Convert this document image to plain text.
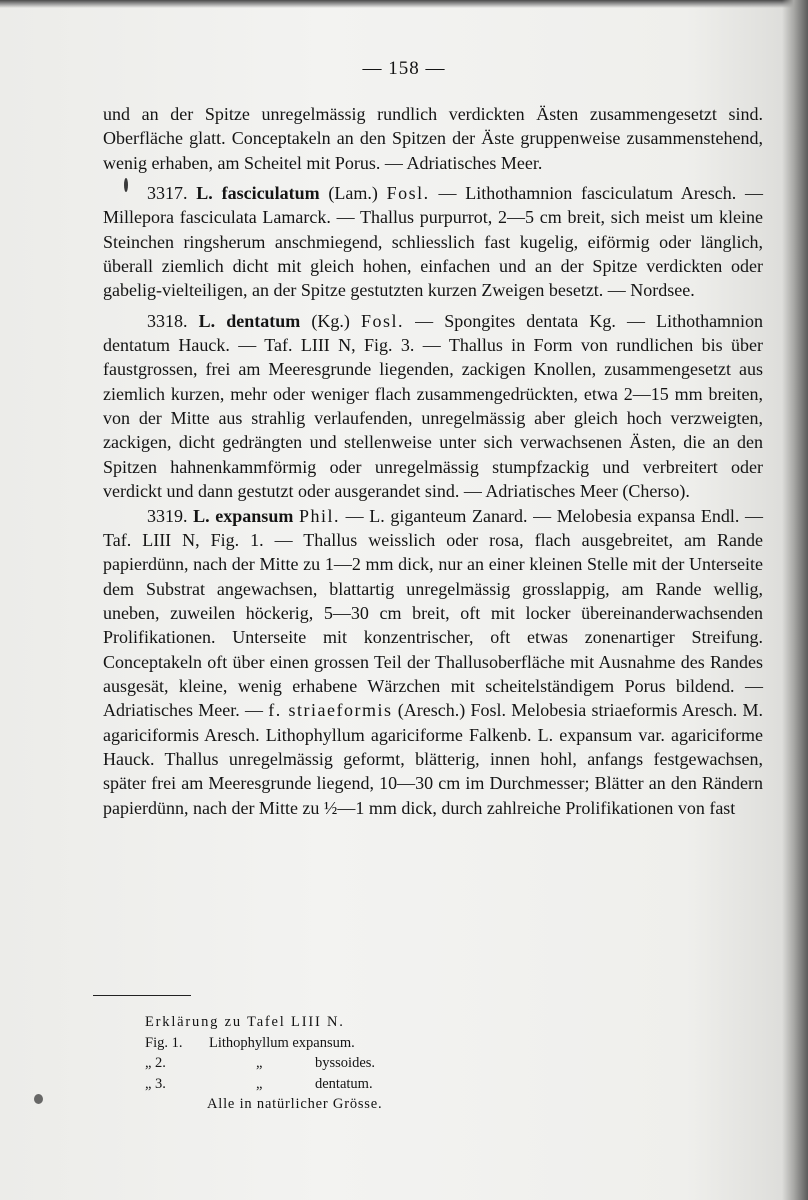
— 158 —

und an der Spitze unregelmässig rundlich verdickten Ästen zusammengesetzt sind. Oberfläche glatt. Conceptakeln an den Spitzen der Äste gruppenweise zusammenstehend, wenig erhaben, am Scheitel mit Porus. — Adriatisches Meer.

3317. L. fasciculatum (Lam.) Fosl. — Lithothamnion fasciculatum Aresch. — Millepora fasciculata Lamarck. — Thallus purpurrot, 2—5 cm breit, sich meist um kleine Steinchen ringsherum anschmiegend, schliesslich fast kugelig, eiförmig oder länglich, überall ziemlich dicht mit gleich hohen, einfachen und an der Spitze verdickten oder gabelig-vielteiligen, an der Spitze gestutzten kurzen Zweigen besetzt. — Nordsee.

3318. L. dentatum (Kg.) Fosl. — Spongites dentata Kg. — Lithothamnion dentatum Hauck. — Taf. LIII N, Fig. 3. — Thallus in Form von rundlichen bis über faustgrossen, frei am Meeresgrunde liegenden, zackigen Knollen, zusammengesetzt aus ziemlich kurzen, mehr oder weniger flach zusammengedrückten, etwa 2—15 mm breiten, von der Mitte aus strahlig verlaufenden, unregelmässig aber gleich hoch verzweigten, zackigen, dicht gedrängten und stellenweise unter sich verwachsenen Ästen, die an den Spitzen hahnenkammförmig oder unregelmässig stumpfzackig und verbreitert oder verdickt und dann gestutzt oder ausgerandet sind. — Adriatisches Meer (Cherso).

3319. L. expansum Phil. — L. giganteum Zanard. — Melobesia expansa Endl. — Taf. LIII N, Fig. 1. — Thallus weisslich oder rosa, flach ausgebreitet, am Rande papierdünn, nach der Mitte zu 1—2 mm dick, nur an einer kleinen Stelle mit der Unterseite dem Substrat angewachsen, blattartig unregelmässig grosslappig, am Rande wellig, uneben, zuweilen höckerig, 5—30 cm breit, oft mit locker übereinanderwachsenden Prolifikationen. Unterseite mit konzentrischer, oft etwas zonenartiger Streifung. Conceptakeln oft über einen grossen Teil der Thallusoberfläche mit Ausnahme des Randes ausgesät, kleine, wenig erhabene Wärzchen mit scheitelständigem Porus bildend. — Adriatisches Meer. — f. striaeformis (Aresch.) Fosl. Melobesia striaeformis Aresch. M. agariciformis Aresch. Lithophyllum agariciforme Falkenb. L. expansum var. agariciforme Hauck. Thallus unregelmässig geformt, blätterig, innen hohl, anfangs festgewachsen, später frei am Meeresgrunde liegend, 10—30 cm im Durchmesser; Blätter an den Rändern papierdünn, nach der Mitte zu ½—1 mm dick, durch zahlreiche Prolifikationen von fast

Erklärung zu Tafel LIII N.
Fig. 1. Lithophyllum expansum.
„ 2.	„	byssoides.
„ 3.	„	dentatum.
Alle in natürlicher Grösse.
